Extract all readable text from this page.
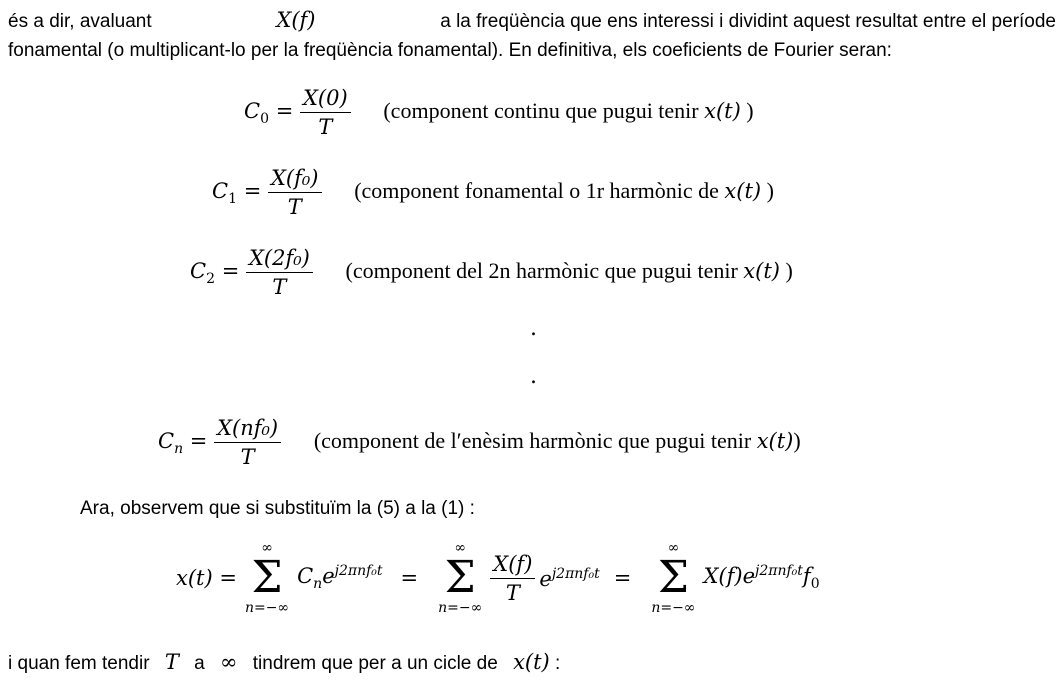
és a dir, avaluant	X(f)	a la freqüència que ens interessi i dividint aquest resultat entre el període
fonamental (o multiplicant-lo per la freqüència fonamental). En definitiva, els coeficients de Fourier seran:
$C_0 = \frac{X(0)}{T}$ (component continu que pugui tenir x(t) )
$C_1 = \frac{\text{X(f₀)}}{T}$ (component fonamental o 1r harmònic de x(t) )
$C_2 = \frac{\text{X(2f₀)}}{T}$ (component del 2n harmònic que pugui tenir x(t) )
.
.
$C_n = \frac{\text{X(nf₀)}}{T}$ (component de l′enèsim harmònic que pugui tenir x(t))
Ara, observem que si substituïm la (5) a la (1) :
x(t) =
∞
Σ
n=−∞
$C_ne^{j2\pi nf_0t}$ =
∞
Σ
n=−∞
$\frac{X(f)}{T} e^{j2\pi nf_0t}$ =
∞
Σ
n=−∞
$X(f)e^{j2\pi nf_0t}f_0$
i quan fem tendir T a ∞ tindrem que per a un cicle de x(t) :
